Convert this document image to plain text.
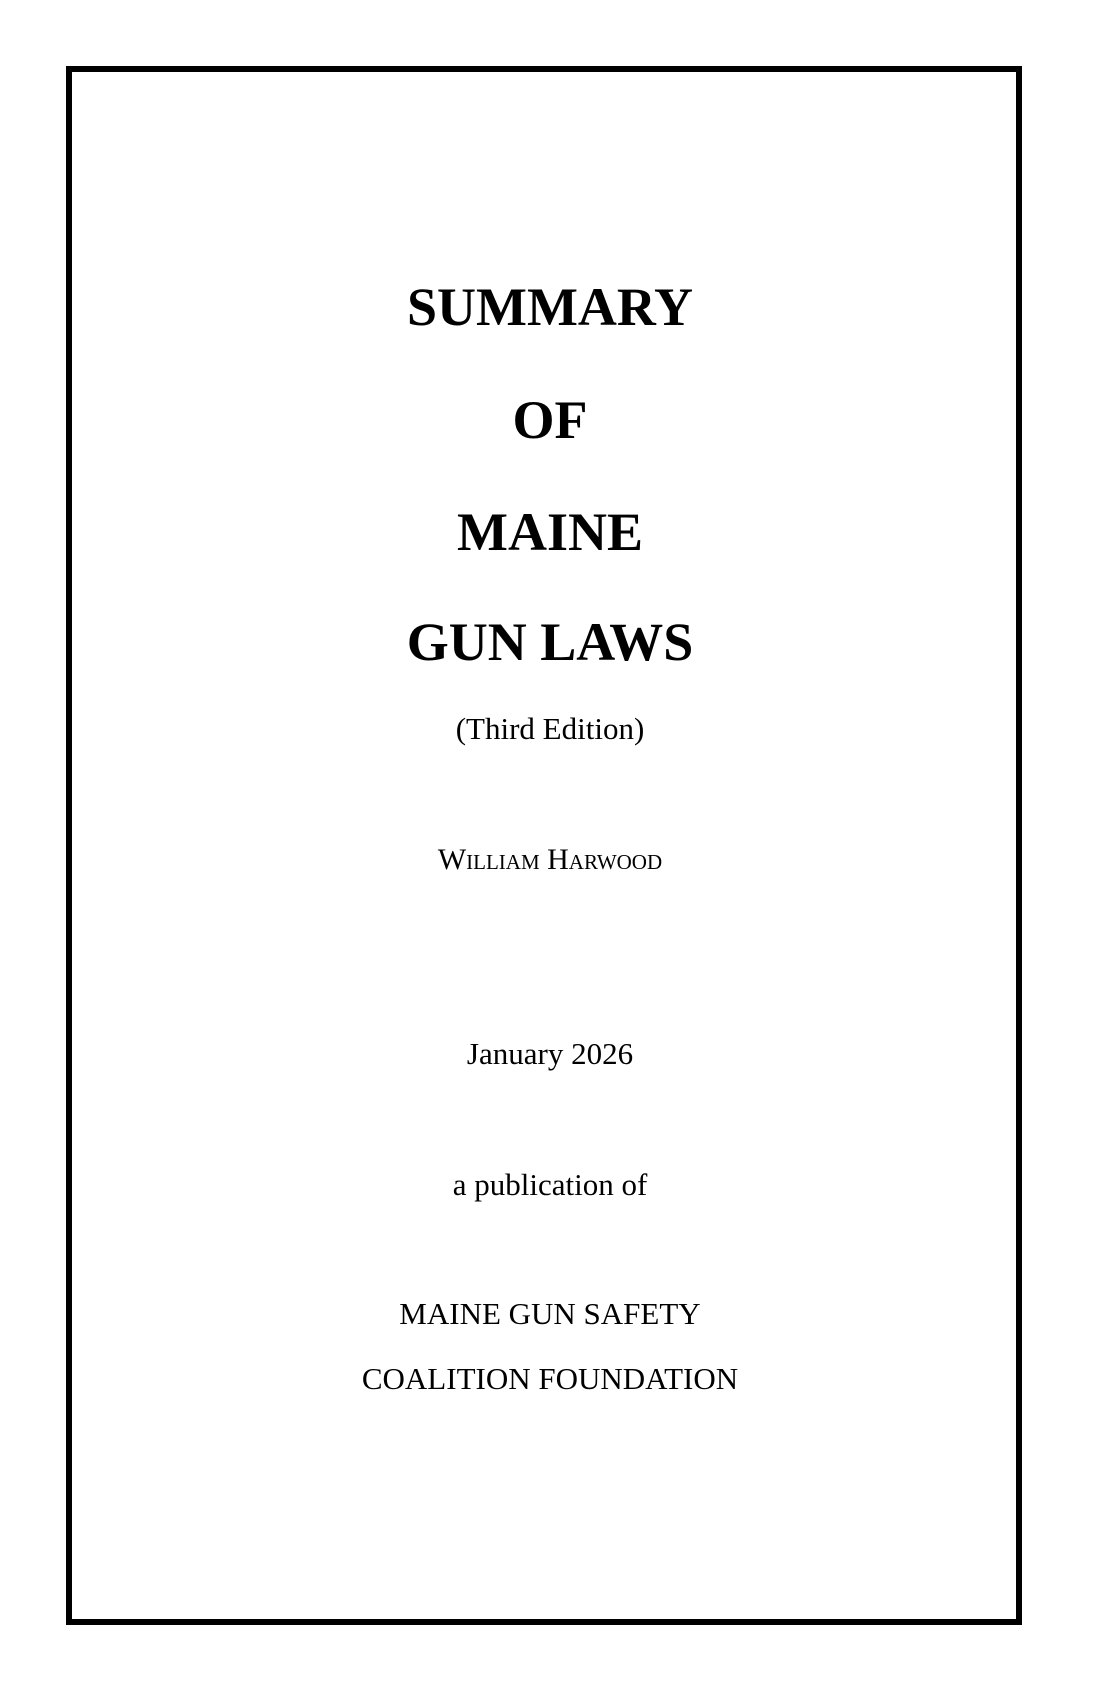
SUMMARY
OF
MAINE
GUN LAWS
(Third Edition)
William Harwood
January 2026
a publication of
MAINE GUN SAFETY
COALITION FOUNDATION
